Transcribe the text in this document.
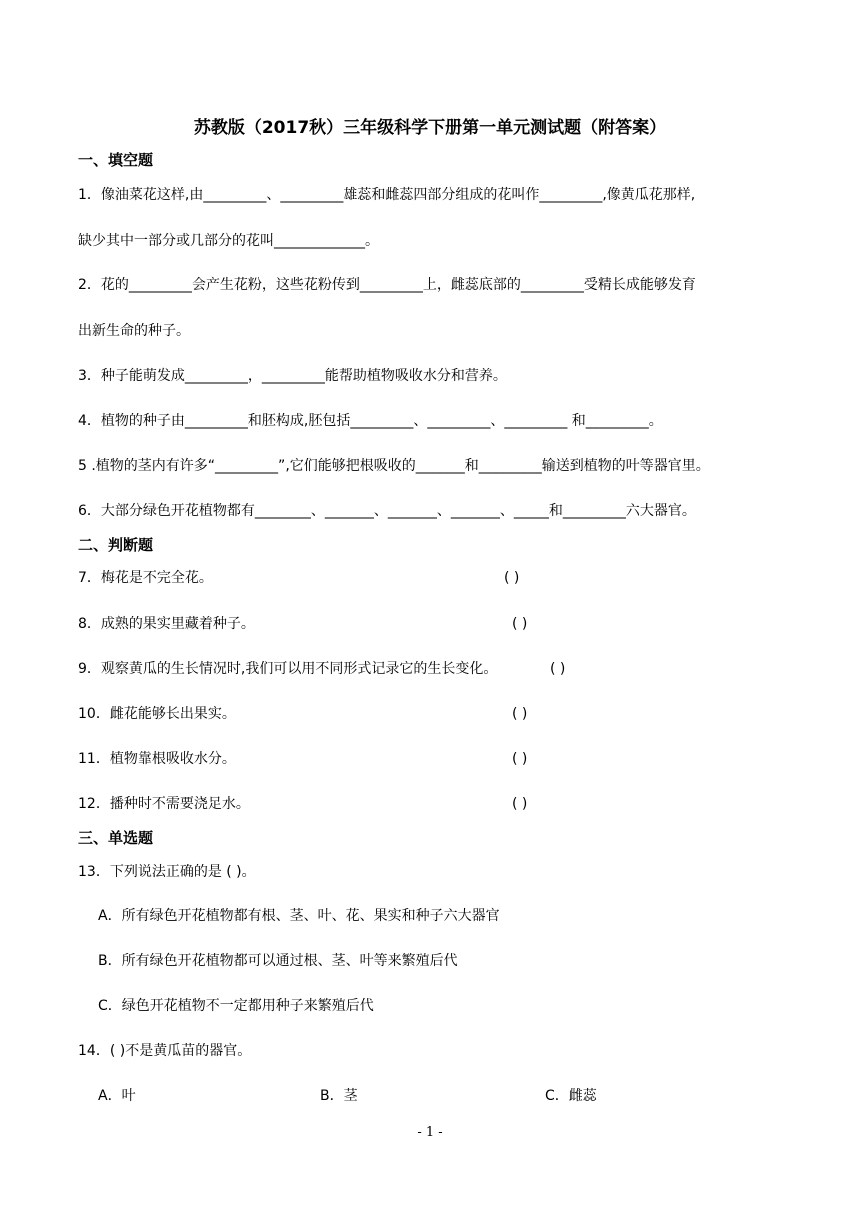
苏教版（2017秋）三年级科学下册第一单元测试题（附答案）
一、填空题
1．像油菜花这样,由_________、_________雄蕊和雌蕊四部分组成的花叫作_________,像黄瓜花那样,
缺少其中一部分或几部分的花叫_____________。
2．花的_________会产生花粉，这些花粉传到_________上，雌蕊底部的_________受精长成能够发育
出新生命的种子。
3．种子能萌发成_________，_________能帮助植物吸收水分和营养。
4．植物的种子由_________和胚构成,胚包括_________、_________、_________ 和_________。
5 .植物的茎内有许多“_________”,它们能够把根吸收的_______和_________输送到植物的叶等器官里。
6．大部分绿色开花植物都有________、_______、_______、_______、_____和_________六大器官。
二、判断题
7．梅花是不完全花。	( )
8．成熟的果实里藏着种子。	( )
9．观察黄瓜的生长情况时,我们可以用不同形式记录它的生长变化。	( )
10．雌花能够长出果实。	( )
11．植物靠根吸收水分。	( )
12．播种时不需要浇足水。	( )
三、单选题
13．下列说法正确的是 ( )。
A．所有绿色开花植物都有根、茎、叶、花、果实和种子六大器官
B．所有绿色开花植物都可以通过根、茎、叶等来繁殖后代
C．绿色开花植物不一定都用种子来繁殖后代
14．( )不是黄瓜苗的器官。
A．叶	B．茎	C．雌蕊
- 1 -
